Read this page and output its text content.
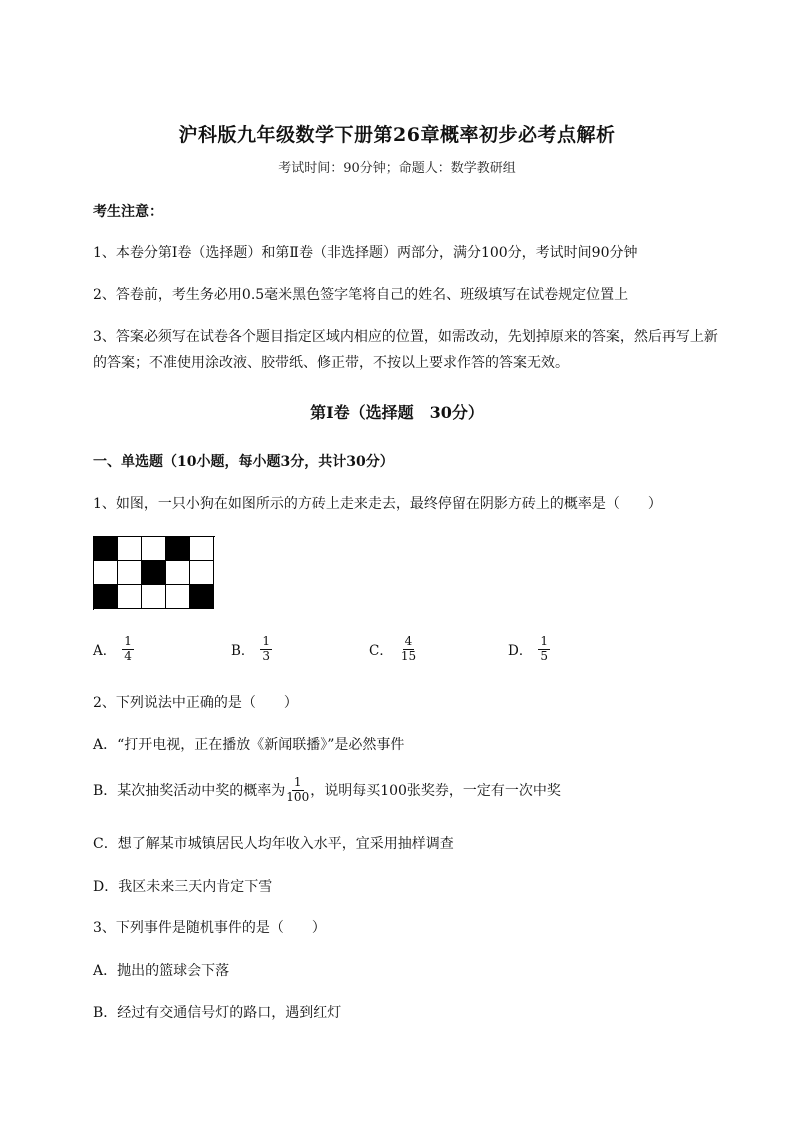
沪科版九年级数学下册第26章概率初步必考点解析
考试时间：90分钟；命题人：数学教研组
考生注意：
1、本卷分第Ⅰ卷（选择题）和第Ⅱ卷（非选择题）两部分，满分100分，考试时间90分钟
2、答卷前，考生务必用0.5毫米黑色签字笔将自己的姓名、班级填写在试卷规定位置上
3、答案必须写在试卷各个题目指定区域内相应的位置，如需改动，先划掉原来的答案，然后再写上新
的答案；不准使用涂改液、胶带纸、修正带，不按以上要求作答的答案无效。
第Ⅰ卷（选择题　30分）
一、单选题（10小题，每小题3分，共计30分）
1、如图，一只小狗在如图所示的方砖上走来走去，最终停留在阴影方砖上的概率是（　　）
A． $\frac{1}{4}$	B． $\frac{1}{3}$	C． $\frac{4}{15}$	D． $\frac{1}{5}$
2、下列说法中正确的是（　　）
A．“打开电视，正在播放《新闻联播》”是必然事件
B．某次抽奖活动中奖的概率为 $\frac{1}{100}$ ，说明每买100张奖券，一定有一次中奖
C．想了解某市城镇居民人均年收入水平，宜采用抽样调查
D．我区未来三天内肯定下雪
3、下列事件是随机事件的是（　　）
A．抛出的篮球会下落
B．经过有交通信号灯的路口，遇到红灯
